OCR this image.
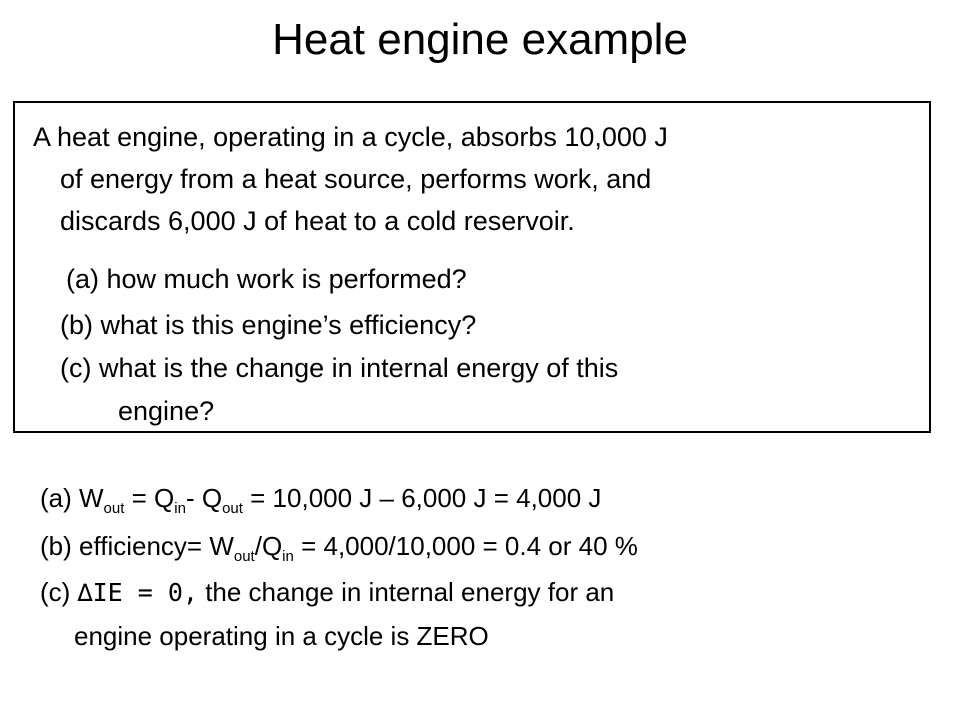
Heat engine example
A heat engine, operating in a cycle, absorbs 10,000 J
of energy from a heat source, performs work, and
discards 6,000 J of heat to a cold reservoir.
(a) how much work is performed?
(b) what is this engine’s efficiency?
(c) what is the change in internal energy of this
engine?
(a) $W_{out} = Q_{in}-$ $Q_{out} = 10,000$ J – 6,000 J = 4,000 J
(b) efficiency= $W_{out}/Q_{in} = 4,000/10,000 = 0.4$ or 40 %
(c) ∆IE = 0, the change in internal energy for an
engine operating in a cycle is ZERO
